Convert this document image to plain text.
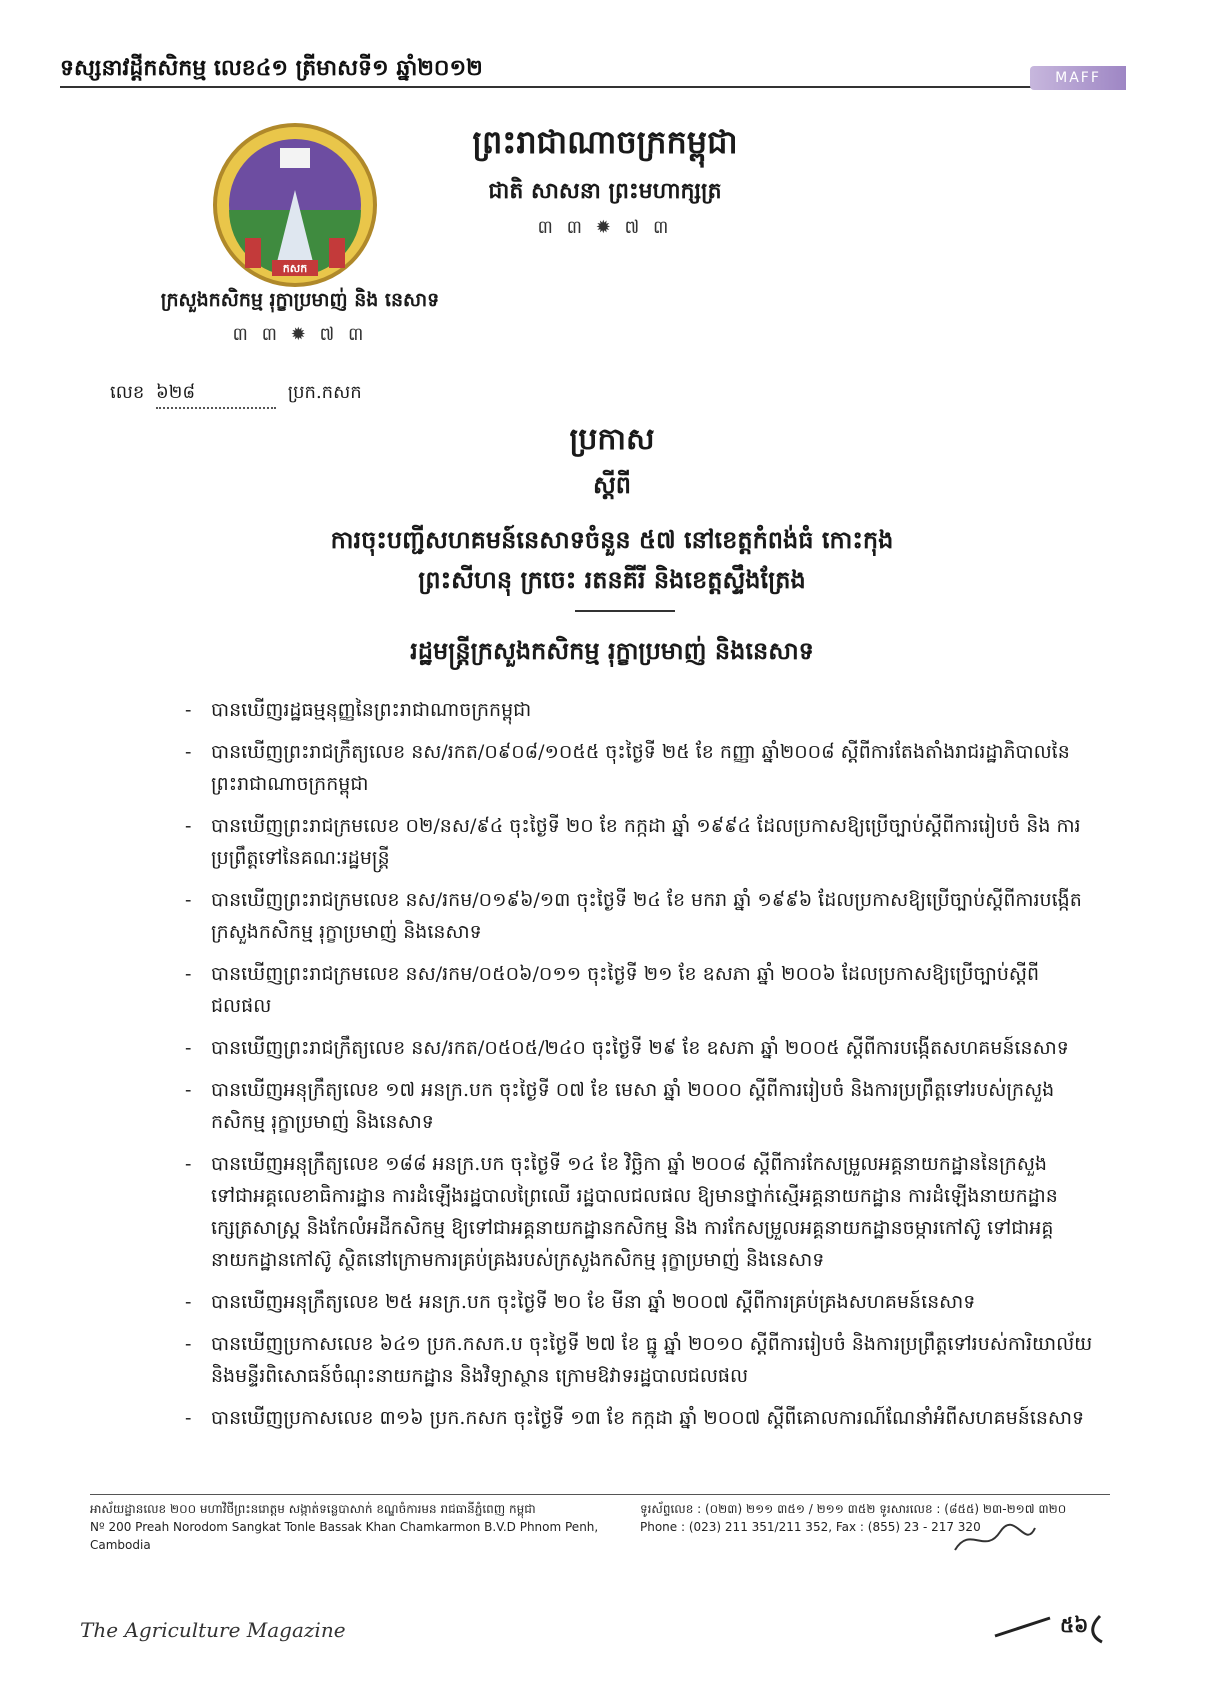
ទស្សនាវដ្ដីកសិកម្ម លេខ៤១ ត្រីមាសទី១ ឆ្នាំ២០១២	MAFF
កសក
ព្រះរាជាណាចក្រកម្ពុជា
ជាតិ សាសនា ព្រះមហាក្សត្រ
៣ ៣ ✹ ៧ ៣
ក្រសួងកសិកម្ម រុក្ខាប្រមាញ់ និង នេសាទ
៣ ៣ ✹ ៧ ៣
លេខ ៦២៨	ប្រក.កសក
ប្រកាស
ស្ដីពី
ការចុះបញ្ជីសហគមន៍នេសាទចំនួន ៥៧ នៅខេត្តកំពង់ធំ កោះកុង
ព្រះសីហនុ ក្រចេះ រតនគីរី និងខេត្តស្ទឹងត្រែង
រដ្ឋមន្ត្រីក្រសួងកសិកម្ម រុក្ខាប្រមាញ់ និងនេសាទ
- បានឃើញរដ្ឋធម្មនុញ្ញនៃព្រះរាជាណាចក្រកម្ពុជា
- បានឃើញព្រះរាជក្រឹត្យលេខ នស/រកត/០៩០៨/១០៥៥ ចុះថ្ងៃទី ២៥ ខែ កញ្ញា ឆ្នាំ២០០៨ ស្ដីពីការតែងតាំងរាជរដ្ឋាភិបាលនៃព្រះរាជាណាចក្រកម្ពុជា
- បានឃើញព្រះរាជក្រមលេខ ០២/នស/៩៤ ចុះថ្ងៃទី ២០ ខែ កក្កដា ឆ្នាំ ១៩៩៤ ដែលប្រកាសឱ្យប្រើច្បាប់ស្ដីពីការរៀបចំ និង ការប្រព្រឹត្តទៅនៃគណៈរដ្ឋមន្ត្រី
- បានឃើញព្រះរាជក្រមលេខ នស/រកម/០១៩៦/១៣ ចុះថ្ងៃទី ២៤ ខែ មករា ឆ្នាំ ១៩៩៦ ដែលប្រកាសឱ្យប្រើច្បាប់ស្ដីពីការបង្កើតក្រសួងកសិកម្ម រុក្ខាប្រមាញ់ និងនេសាទ
- បានឃើញព្រះរាជក្រមលេខ នស/រកម/០៥០៦/០១១ ចុះថ្ងៃទី ២១ ខែ ឧសភា ឆ្នាំ ២០០៦ ដែលប្រកាសឱ្យប្រើច្បាប់ស្ដីពីជលផល
- បានឃើញព្រះរាជក្រឹត្យលេខ នស/រកត/០៥០៥/២៤០ ចុះថ្ងៃទី ២៩ ខែ ឧសភា ឆ្នាំ ២០០៥ ស្ដីពីការបង្កើតសហគមន៍នេសាទ
- បានឃើញអនុក្រឹត្យលេខ ១៧ អនក្រ.បក ចុះថ្ងៃទី ០៧ ខែ មេសា ឆ្នាំ ២០០០ ស្ដីពីការរៀបចំ និងការប្រព្រឹត្តទៅរបស់ក្រសួងកសិកម្ម រុក្ខាប្រមាញ់ និងនេសាទ
- បានឃើញអនុក្រឹត្យលេខ ១៨៨ អនក្រ.បក ចុះថ្ងៃទី ១៤ ខែ វិច្ឆិកា ឆ្នាំ ២០០៨ ស្ដីពីការកែសម្រួលអគ្គនាយកដ្ឋាននៃក្រសួង ទៅជាអគ្គលេខាធិការដ្ឋាន ការដំឡើងរដ្ឋបាលព្រៃឈើ រដ្ឋបាលជលផល ឱ្យមានថ្នាក់ស្មើអគ្គនាយកដ្ឋាន ការដំឡើងនាយកដ្ឋានក្សេត្រសាស្ត្រ និងកែលំអដីកសិកម្ម ឱ្យទៅជាអគ្គនាយកដ្ឋានកសិកម្ម និង ការកែសម្រួលអគ្គនាយកដ្ឋានចម្ការកៅស៊ូ ទៅជាអគ្គនាយកដ្ឋានកៅស៊ូ ស្ថិតនៅក្រោមការគ្រប់គ្រងរបស់ក្រសួងកសិកម្ម រុក្ខាប្រមាញ់ និងនេសាទ
- បានឃើញអនុក្រឹត្យលេខ ២៥ អនក្រ.បក ចុះថ្ងៃទី ២០ ខែ មីនា ឆ្នាំ ២០០៧ ស្ដីពីការគ្រប់គ្រងសហគមន៍នេសាទ
- បានឃើញប្រកាសលេខ ៦៤១ ប្រក.កសក.ប ចុះថ្ងៃទី ២៧ ខែ ធ្នូ ឆ្នាំ ២០១០ ស្ដីពីការរៀបចំ និងការប្រព្រឹត្តទៅរបស់ការិយាល័យ និងមន្ទីរពិសោធន៍ចំណុះនាយកដ្ឋាន និងវិទ្យាស្ថាន ក្រោមឱវាទរដ្ឋបាលជលផល
- បានឃើញប្រកាសលេខ ៣១៦ ប្រក.កសក ចុះថ្ងៃទី ១៣ ខែ កក្កដា ឆ្នាំ ២០០៧ ស្ដីពីគោលការណ៍ណែនាំអំពីសហគមន៍នេសាទ
អាស័យដ្ឋានលេខ ២០០ មហាវិថីព្រះនរោត្តម សង្កាត់ទន្លេបាសាក់ ខណ្ឌចំការមន រាជធានីភ្នំពេញ កម្ពុជា
Nº 200 Preah Norodom Sangkat Tonle Bassak Khan Chamkarmon B.V.D Phnom Penh, Cambodia
ទូរស័ព្ទលេខ : (០២៣) ២១១ ៣៥១ / ២១១ ៣៥២ ទូរសារលេខ : (៨៥៥) ២៣-២១៧ ៣២០
Phone : (023) 211 351/211 352, Fax : (855) 23 - 217 320
The Agriculture Magazine	៥៦
